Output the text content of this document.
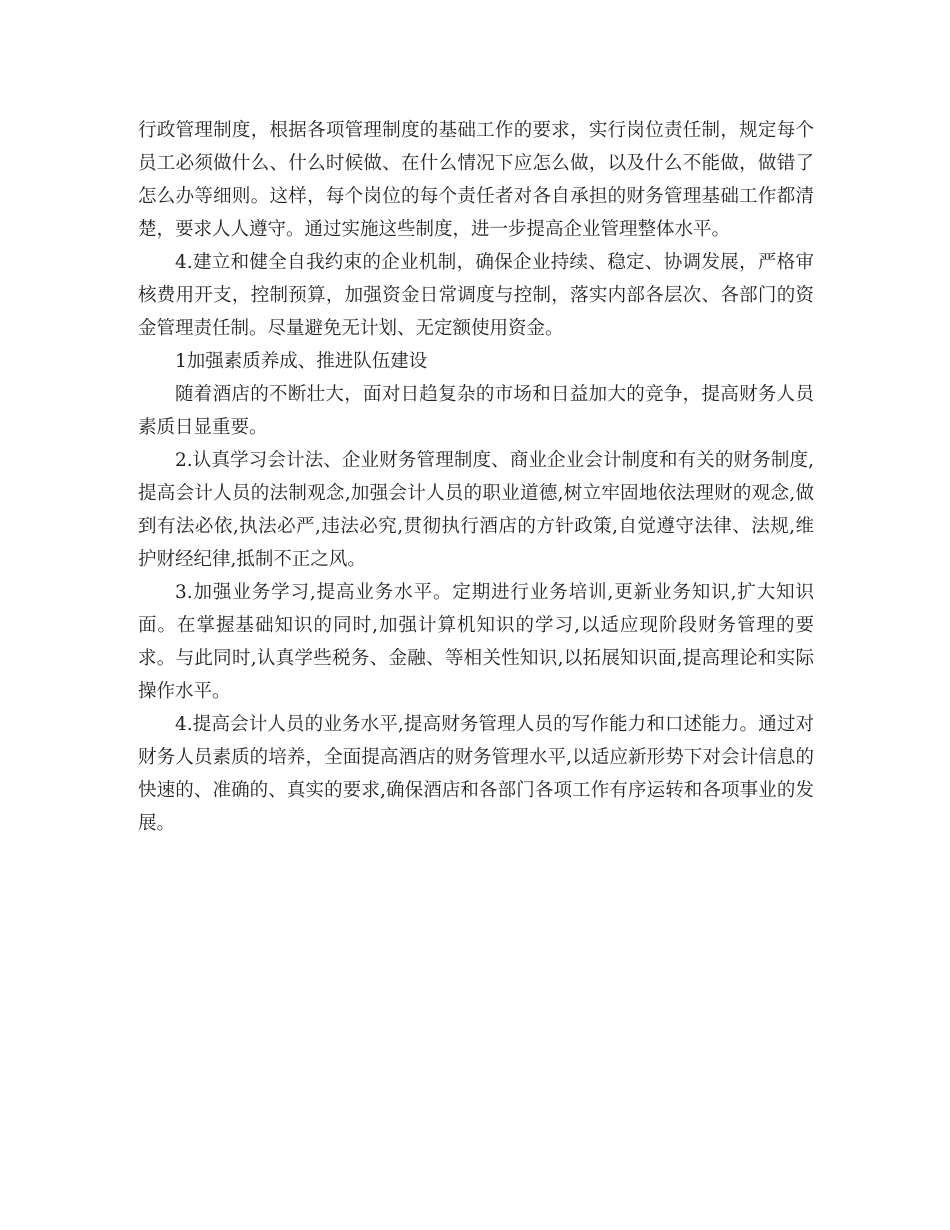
行政管理制度，根据各项管理制度的基础工作的要求，实行岗位责任制，规定每个员工必须做什么、什么时候做、在什么情况下应怎么做，以及什么不能做，做错了怎么办等细则。这样，每个岗位的每个责任者对各自承担的财务管理基础工作都清楚，要求人人遵守。通过实施这些制度，进一步提高企业管理整体水平。

4.建立和健全自我约束的企业机制，确保企业持续、稳定、协调发展，严格审核费用开支，控制预算，加强资金日常调度与控制，落实内部各层次、各部门的资金管理责任制。尽量避免无计划、无定额使用资金。

1加强素质养成、推进队伍建设

随着酒店的不断壮大，面对日趋复杂的市场和日益加大的竞争，提高财务人员素质日显重要。

2.认真学习会计法、企业财务管理制度、商业企业会计制度和有关的财务制度,提高会计人员的法制观念,加强会计人员的职业道德,树立牢固地依法理财的观念,做到有法必依,执法必严,违法必究,贯彻执行酒店的方针政策,自觉遵守法律、法规,维护财经纪律,抵制不正之风。

3.加强业务学习,提高业务水平。定期进行业务培训,更新业务知识,扩大知识面。在掌握基础知识的同时,加强计算机知识的学习,以适应现阶段财务管理的要求。与此同时,认真学些税务、金融、等相关性知识,以拓展知识面,提高理论和实际操作水平。

4.提高会计人员的业务水平,提高财务管理人员的写作能力和口述能力。通过对财务人员素质的培养，全面提高酒店的财务管理水平,以适应新形势下对会计信息的快速的、准确的、真实的要求,确保酒店和各部门各项工作有序运转和各项事业的发展。
